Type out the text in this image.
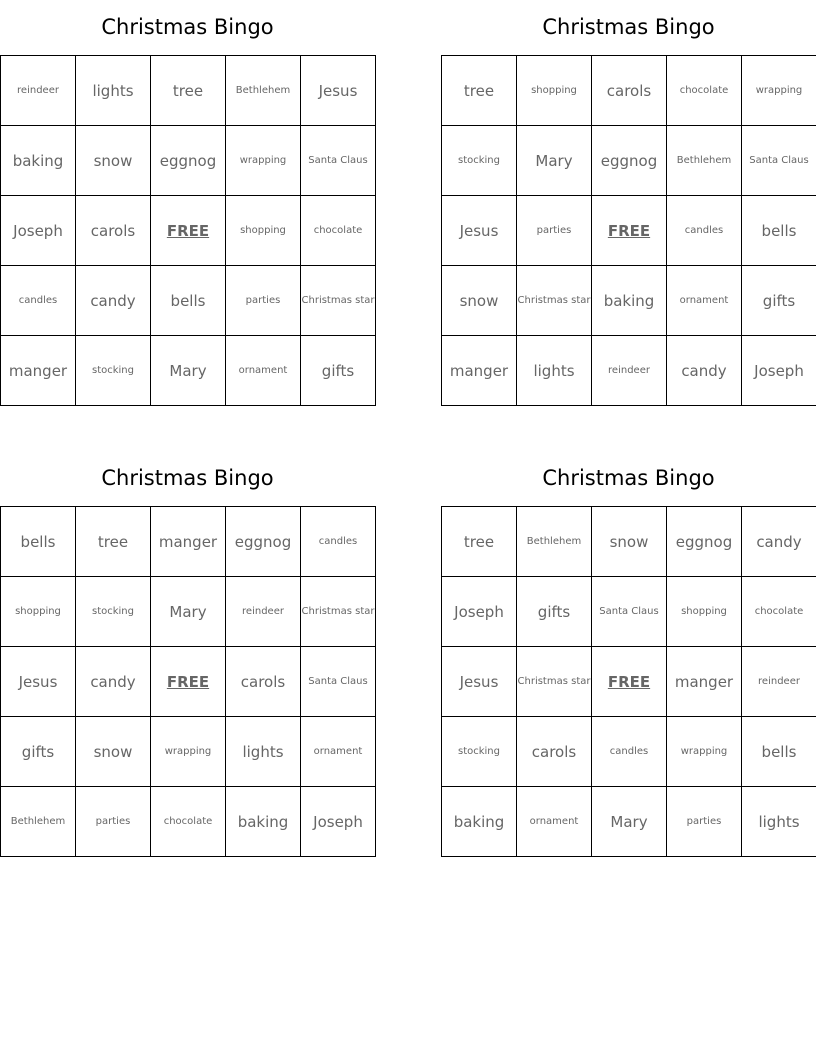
Christmas Bingo
reindeer	lights	tree	Bethlehem	Jesus
baking	snow	eggnog	wrapping	Santa Claus
Joseph	carols	FREE	shopping	chocolate
candles	candy	bells	parties	Christmas star
manger	stocking	Mary	ornament	gifts
Christmas Bingo
tree	shopping	carols	chocolate	wrapping
stocking	Mary	eggnog	Bethlehem	Santa Claus
Jesus	parties	FREE	candles	bells
snow	Christmas star	baking	ornament	gifts
manger	lights	reindeer	candy	Joseph
Christmas Bingo
bells	tree	manger	eggnog	candles
shopping	stocking	Mary	reindeer	Christmas star
Jesus	candy	FREE	carols	Santa Claus
gifts	snow	wrapping	lights	ornament
Bethlehem	parties	chocolate	baking	Joseph
Christmas Bingo
tree	Bethlehem	snow	eggnog	candy
Joseph	gifts	Santa Claus	shopping	chocolate
Jesus	Christmas star	FREE	manger	reindeer
stocking	carols	candles	wrapping	bells
baking	ornament	Mary	parties	lights
